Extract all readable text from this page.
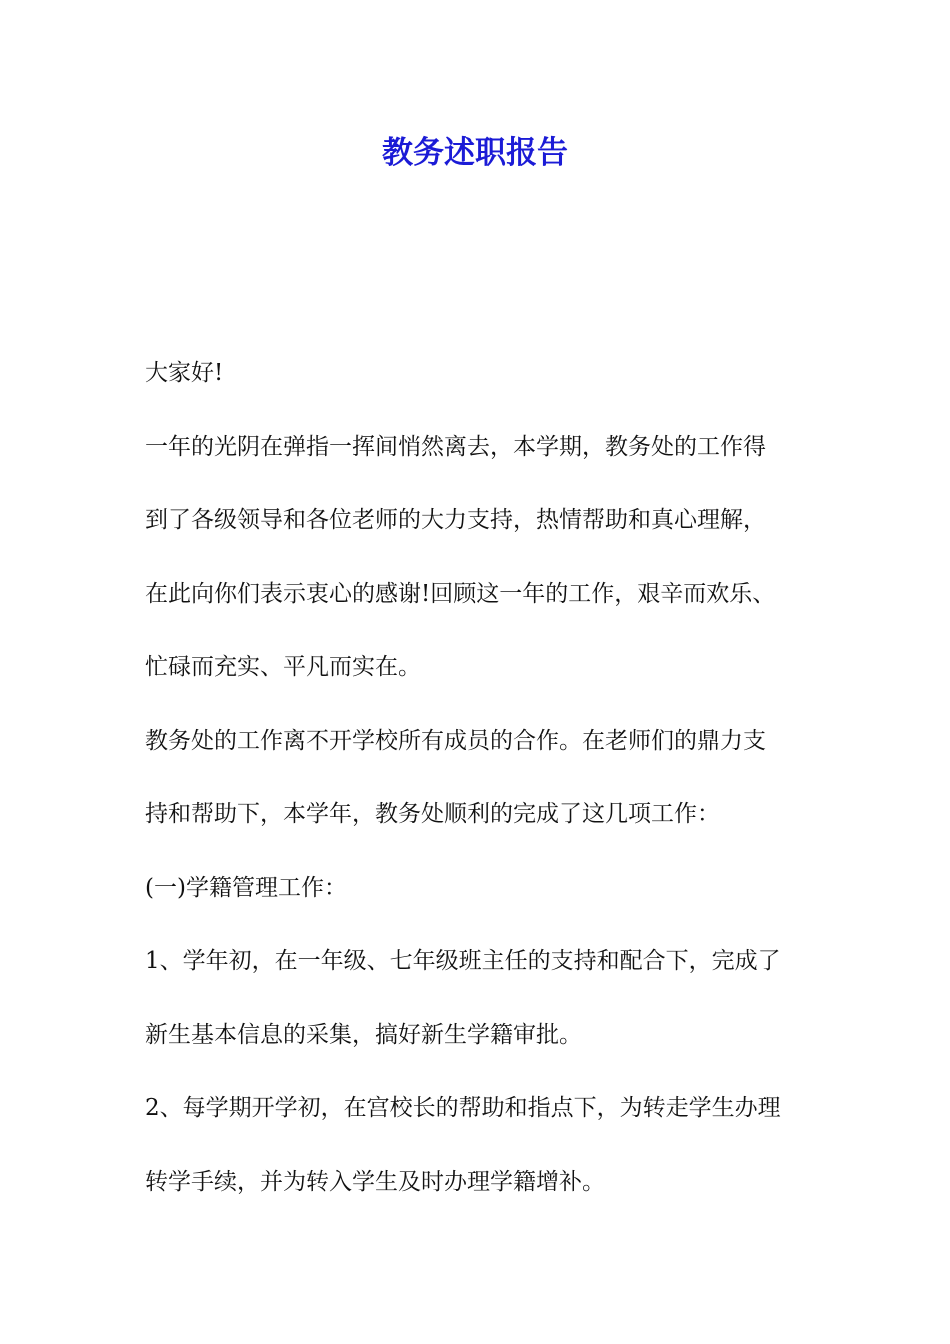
教务述职报告

大家好!

一年的光阴在弹指一挥间悄然离去，本学期，教务处的工作得
到了各级领导和各位老师的大力支持，热情帮助和真心理解，
在此向你们表示衷心的感谢!回顾这一年的工作，艰辛而欢乐、
忙碌而充实、平凡而实在。

教务处的工作离不开学校所有成员的合作。在老师们的鼎力支
持和帮助下，本学年，教务处顺利的完成了这几项工作：

(一)学籍管理工作：

1、学年初，在一年级、七年级班主任的支持和配合下，完成了
新生基本信息的采集，搞好新生学籍审批。

2、每学期开学初，在宫校长的帮助和指点下，为转走学生办理
转学手续，并为转入学生及时办理学籍增补。
